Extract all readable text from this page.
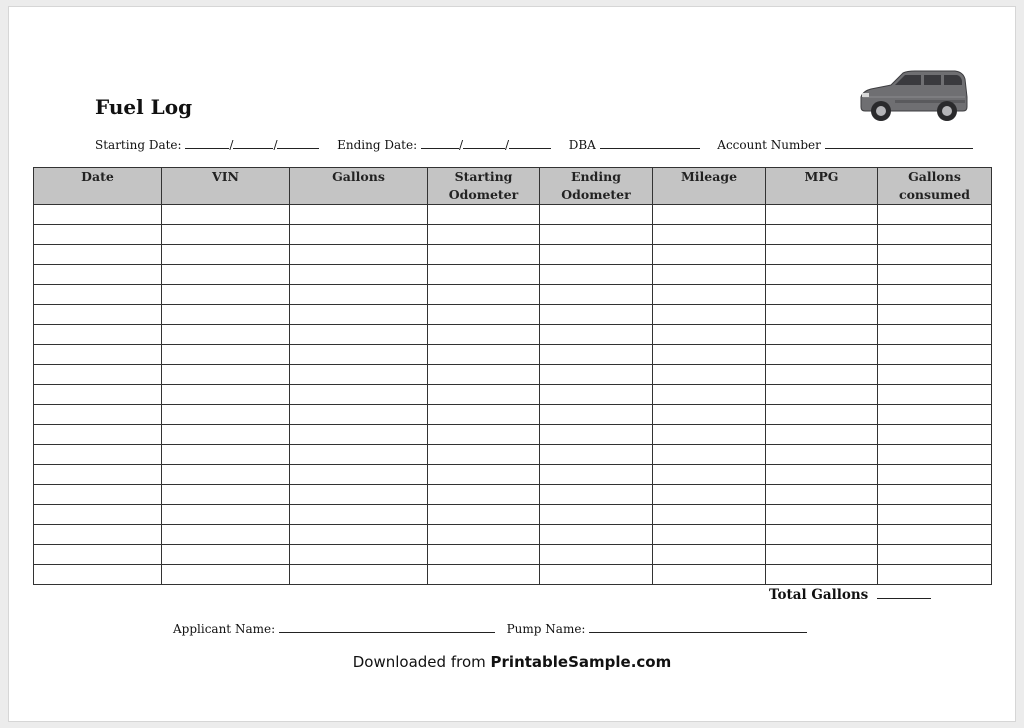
Fuel Log
Starting Date:	/	/	Ending Date:	/	/	DBA	Account Number
Date	VIN	Gallons	Starting Odometer	Ending Odometer	Mileage	MPG	Gallons consumed

Total Gallons
Applicant Name:	Pump Name:
Downloaded from PrintableSample.com
